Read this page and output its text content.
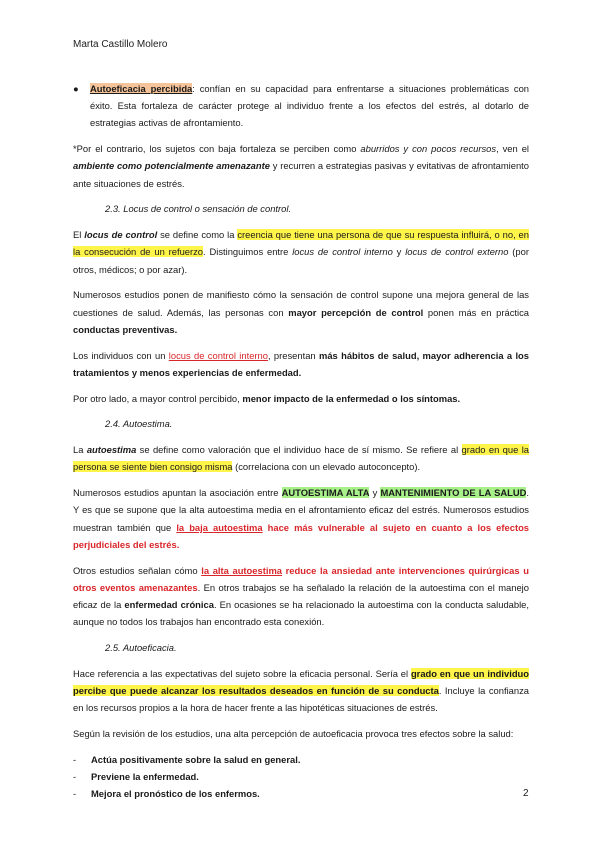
Marta Castillo Molero

● Autoeficacia percibida: confían en su capacidad para enfrentarse a situaciones problemáticas con éxito. Esta fortaleza de carácter protege al individuo frente a los efectos del estrés, al dotarlo de estrategias activas de afrontamiento.

*Por el contrario, los sujetos con baja fortaleza se perciben como aburridos y con pocos recursos, ven el ambiente como potencialmente amenazante y recurren a estrategias pasivas y evitativas de afrontamiento ante situaciones de estrés.

2.3. Locus de control o sensación de control.

El locus de control se define como la creencia que tiene una persona de que su respuesta influirá, o no, en la consecución de un refuerzo. Distinguimos entre locus de control interno y locus de control externo (por otros, médicos; o por azar).

Numerosos estudios ponen de manifiesto cómo la sensación de control supone una mejora general de las cuestiones de salud. Además, las personas con mayor percepción de control ponen más en práctica conductas preventivas.

Los individuos con un locus de control interno, presentan más hábitos de salud, mayor adherencia a los tratamientos y menos experiencias de enfermedad.

Por otro lado, a mayor control percibido, menor impacto de la enfermedad o los síntomas.

2.4. Autoestima.

La autoestima se define como valoración que el individuo hace de sí mismo. Se refiere al grado en que la persona se siente bien consigo misma (correlaciona con un elevado autoconcepto).

Numerosos estudios apuntan la asociación entre AUTOESTIMA ALTA y MANTENIMIENTO DE LA SALUD. Y es que se supone que la alta autoestima media en el afrontamiento eficaz del estrés. Numerosos estudios muestran también que la baja autoestima hace más vulnerable al sujeto en cuanto a los efectos perjudiciales del estrés.

Otros estudios señalan cómo la alta autoestima reduce la ansiedad ante intervenciones quirúrgicas u otros eventos amenazantes. En otros trabajos se ha señalado la relación de la autoestima con el manejo eficaz de la enfermedad crónica. En ocasiones se ha relacionado la autoestima con la conducta saludable, aunque no todos los trabajos han encontrado esta conexión.

2.5. Autoeficacia.

Hace referencia a las expectativas del sujeto sobre la eficacia personal. Sería el grado en que un individuo percibe que puede alcanzar los resultados deseados en función de su conducta. Incluye la confianza en los recursos propios a la hora de hacer frente a las hipotéticas situaciones de estrés.

Según la revisión de los estudios, una alta percepción de autoeficacia provoca tres efectos sobre la salud:

- Actúa positivamente sobre la salud en general.
- Previene la enfermedad.
- Mejora el pronóstico de los enfermos.	2
